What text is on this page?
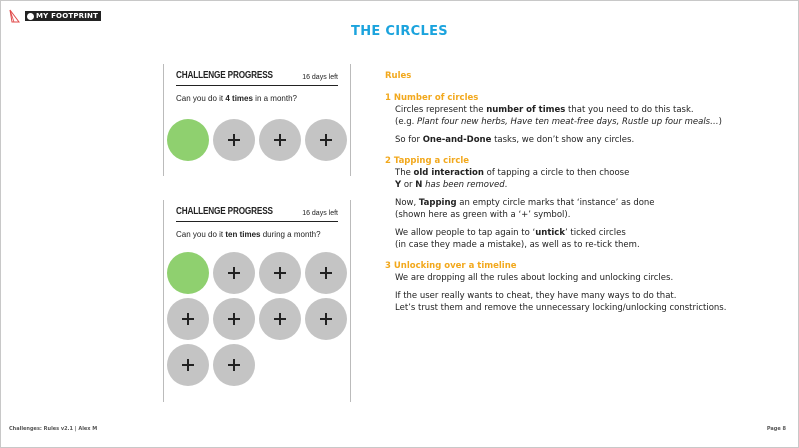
MY FOOTPRINT
THE CIRCLES
CHALLENGE PROGRESS	16 days left
Can you do it 4 times in a month?
CHALLENGE PROGRESS	16 days left
Can you do it ten times during a month?
Rules
1 Number of circles
Circles represent the number of times that you need to do this task.
(e.g. Plant four new herbs, Have ten meat-free days, Rustle up four meals…)
So for One-and-Done tasks, we don’t show any circles.
2 Tapping a circle
The old interaction of tapping a circle to then choose
Y or N has been removed.
Now, Tapping an empty circle marks that ‘instance’ as done
(shown here as green with a ‘+’ symbol).
We allow people to tap again to ‘untick’ ticked circles
(in case they made a mistake), as well as to re-tick them.
3 Unlocking over a timeline
We are dropping all the rules about locking and unlocking circles.
If the user really wants to cheat, they have many ways to do that.
Let’s trust them and remove the unnecessary locking/unlocking constrictions.
Challenges: Rules v2.1 | Alex M	Page 8
